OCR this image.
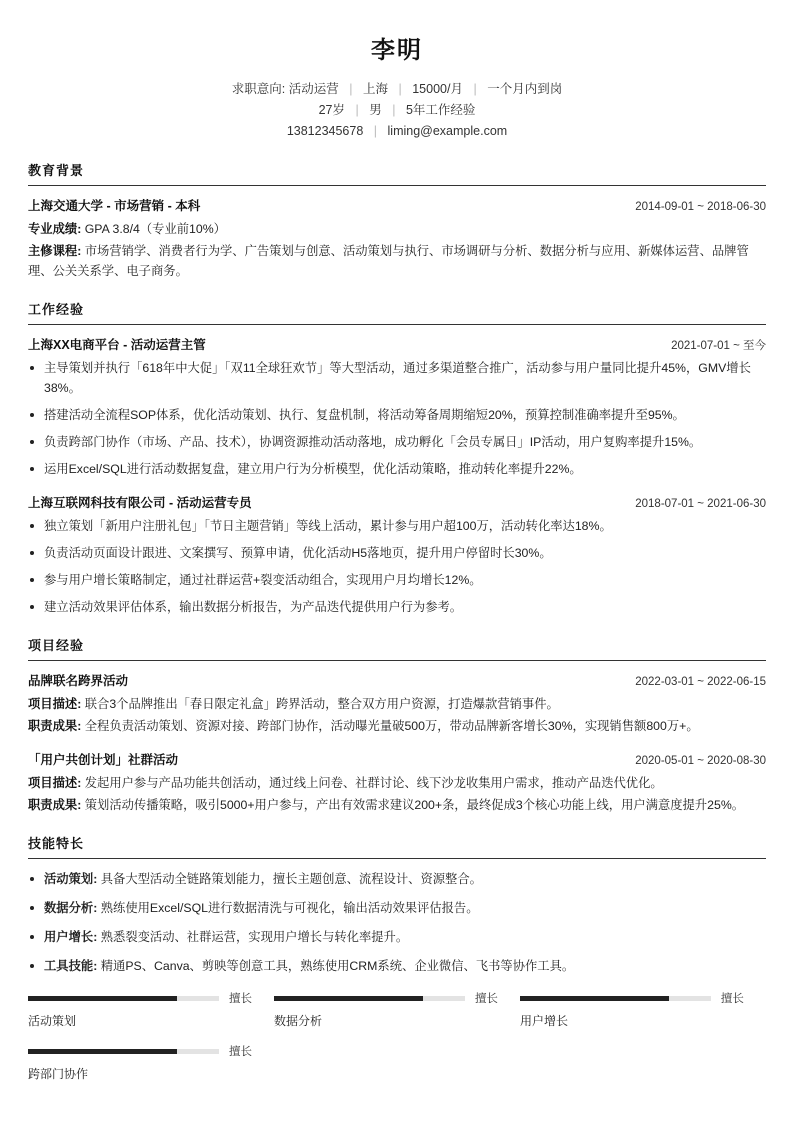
李明
求职意向: 活动运营 | 上海 | 15000/月 | 一个月内到岗
27岁 | 男 | 5年工作经验
13812345678 | liming@example.com
教育背景
上海交通大学 - 市场营销 - 本科	2014-09-01 ~ 2018-06-30
专业成绩: GPA 3.8/4（专业前10%）
主修课程: 市场营销学、消费者行为学、广告策划与创意、活动策划与执行、市场调研与分析、数据分析与应用、新媒体运营、品牌管理、公关关系学、电子商务。
工作经验
上海XX电商平台 - 活动运营主管	2021-07-01 ~ 至今
主导策划并执行「618年中大促」「双11全球狂欢节」等大型活动，通过多渠道整合推广，活动参与用户量同比提升45%，GMV增长38%。
搭建活动全流程SOP体系，优化活动策划、执行、复盘机制，将活动筹备周期缩短20%，预算控制准确率提升至95%。
负责跨部门协作（市场、产品、技术），协调资源推动活动落地，成功孵化「会员专属日」IP活动，用户复购率提升15%。
运用Excel/SQL进行活动数据复盘，建立用户行为分析模型，优化活动策略，推动转化率提升22%。
上海互联网科技有限公司 - 活动运营专员	2018-07-01 ~ 2021-06-30
独立策划「新用户注册礼包」「节日主题营销」等线上活动，累计参与用户超100万，活动转化率达18%。
负责活动页面设计跟进、文案撰写、预算申请，优化活动H5落地页，提升用户停留时长30%。
参与用户增长策略制定，通过社群运营+裂变活动组合，实现用户月均增长12%。
建立活动效果评估体系，输出数据分析报告，为产品迭代提供用户行为参考。
项目经验
品牌联名跨界活动	2022-03-01 ~ 2022-06-15
项目描述: 联合3个品牌推出「春日限定礼盒」跨界活动，整合双方用户资源，打造爆款营销事件。
职责成果: 全程负责活动策划、资源对接、跨部门协作，活动曝光量破500万，带动品牌新客增长30%，实现销售额800万+。
「用户共创计划」社群活动	2020-05-01 ~ 2020-08-30
项目描述: 发起用户参与产品功能共创活动，通过线上问卷、社群讨论、线下沙龙收集用户需求，推动产品迭代优化。
职责成果: 策划活动传播策略，吸引5000+用户参与，产出有效需求建议200+条，最终促成3个核心功能上线，用户满意度提升25%。
技能特长
活动策划: 具备大型活动全链路策划能力，擅长主题创意、流程设计、资源整合。
数据分析: 熟练使用Excel/SQL进行数据清洗与可视化，输出活动效果评估报告。
用户增长: 熟悉裂变活动、社群运营，实现用户增长与转化率提升。
工具技能: 精通PS、Canva、剪映等创意工具，熟练使用CRM系统、企业微信、飞书等协作工具。
擅长
活动策划
擅长
数据分析
擅长
用户增长
擅长
跨部门协作
